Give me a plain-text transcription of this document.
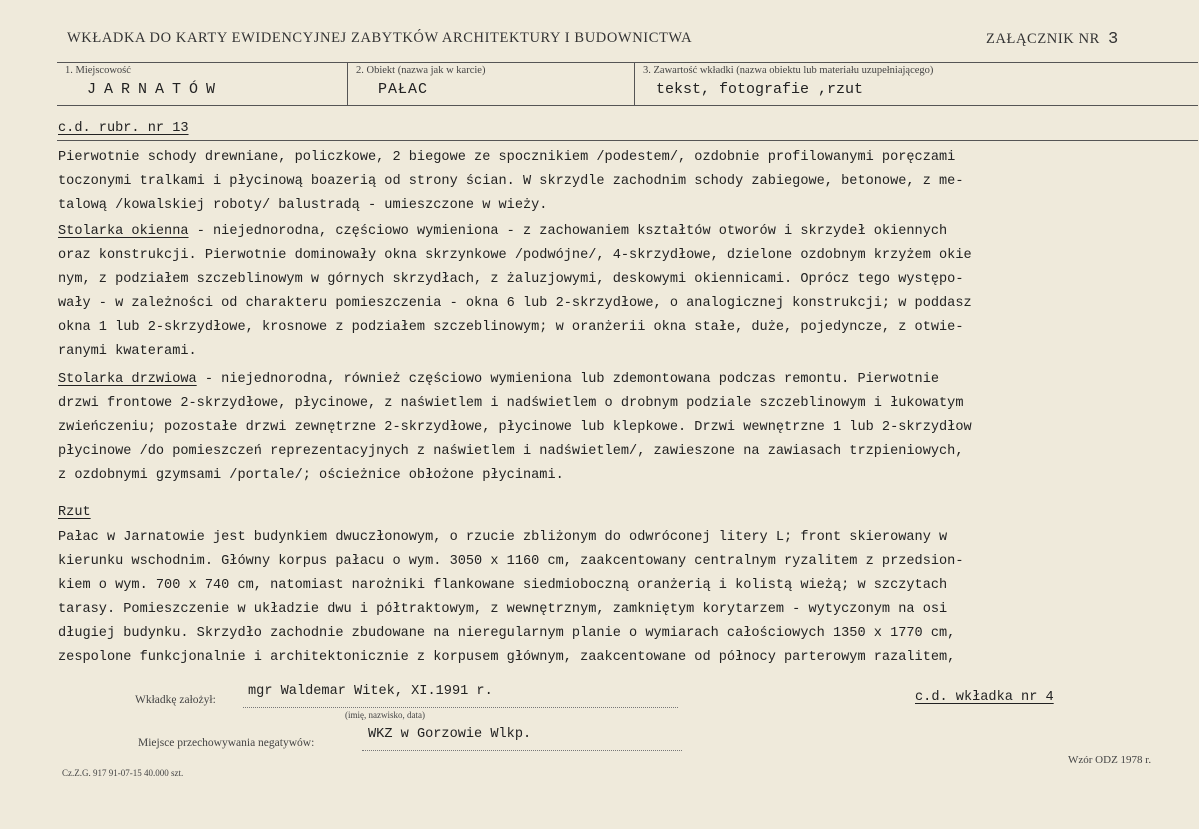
WKŁADKA DO KARTY EWIDENCYJNEJ ZABYTKÓW ARCHITEKTURY I BUDOWNICTWA	ZAŁĄCZNIK NR 3
1. Miejscowość
JARNATÓW
2. Obiekt (nazwa jak w karcie)
PAŁAC
3. Zawartość wkładki (nazwa obiektu lub materiału uzupełniającego)
tekst, fotografie ,rzut
c.d. rubr. nr 13
Pierwotnie schody drewniane, policzkowe, 2 biegowe ze spocznikiem /podestem/, ozdobnie profilowanymi poręczami
toczonymi tralkami i płycinową boazerią od strony ścian. W skrzydle zachodnim schody zabiegowe, betonowe, z me-
talową /kowalskiej roboty/ balustradą - umieszczone w wieży.
Stolarka okienna - niejednorodna, częściowo wymieniona - z zachowaniem kształtów otworów i skrzydeł okiennych
oraz konstrukcji. Pierwotnie dominowały okna skrzynkowe /podwójne/, 4-skrzydłowe, dzielone ozdobnym krzyżem okie
nym, z podziałem szczeblinowym w górnych skrzydłach, z żaluzjowymi, deskowymi okiennicami. Oprócz tego występo-
wały - w zależności od charakteru pomieszczenia - okna 6 lub 2-skrzydłowe, o analogicznej konstrukcji; w poddasz
okna 1 lub 2-skrzydłowe, krosnowe z podziałem szczeblinowym; w oranżerii okna stałe, duże, pojedyncze, z otwie-
ranymi kwaterami.
Stolarka drzwiowa - niejednorodna, również częściowo wymieniona lub zdemontowana podczas remontu. Pierwotnie
drzwi frontowe 2-skrzydłowe, płycinowe, z naświetlem i nadświetlem o drobnym podziale szczeblinowym i łukowatym
zwieńczeniu; pozostałe drzwi zewnętrzne 2-skrzydłowe, płycinowe lub klepkowe. Drzwi wewnętrzne 1 lub 2-skrzydłow
płycinowe /do pomieszczeń reprezentacyjnych z naświetlem i nadświetlem/, zawieszone na zawiasach trzpieniowych,
z ozdobnymi gzymsami /portale/; ościeżnice obłożone płycinami.
Rzut
Pałac w Jarnatowie jest budynkiem dwuczłonowym, o rzucie zbliżonym do odwróconej litery L; front skierowany w
kierunku wschodnim. Główny korpus pałacu o wym. 3050 x 1160 cm, zaakcentowany centralnym ryzalitem z przedsion-
kiem o wym. 700 x 740 cm, natomiast narożniki flankowane siedmioboczną oranżerią i kolistą wieżą; w szczytach
tarasy. Pomieszczenie w układzie dwu i półtraktowym, z wewnętrznym, zamkniętym korytarzem - wytyczonym na osi
długiej budynku. Skrzydło zachodnie zbudowane na nieregularnym planie o wymiarach całościowych 1350 x 1770 cm,
zespolone funkcjonalnie i architektonicznie z korpusem głównym, zaakcentowane od północy parterowym razalitem,
Wkładkę założył:
mgr Waldemar Witek, XI.1991 r.
(imię, nazwisko, data)
c.d. wkładka nr 4
Miejsce przechowywania negatywów:
WKZ w Gorzowie Wlkp.
Cz.Z.G. 917 91-07-15 40.000 szt.
Wzór ODZ 1978 r.
